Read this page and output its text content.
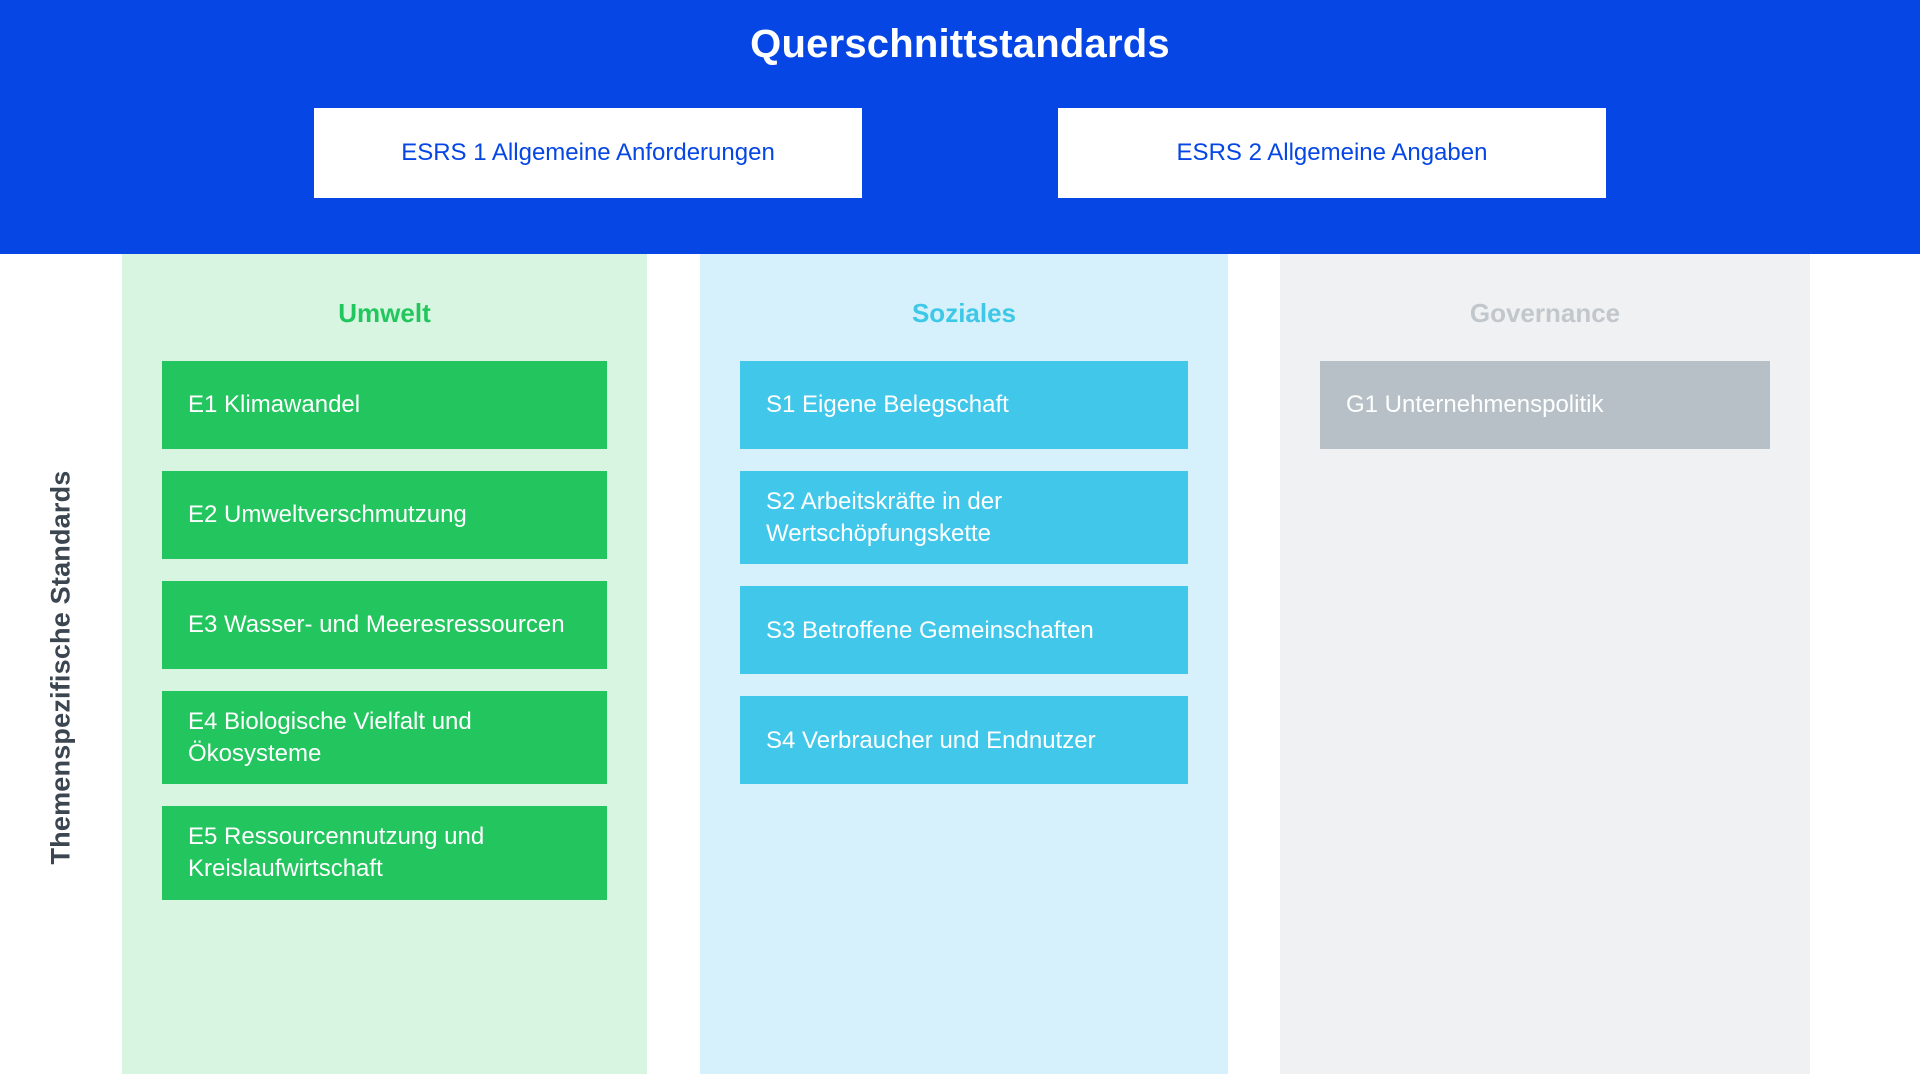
Querschnittstandards
ESRS 1 Allgemeine Anforderungen	ESRS 2 Allgemeine Angaben
Themenspezifische Standards
Umwelt
E1 Klimawandel
E2 Umweltverschmutzung
E3 Wasser- und Meeresressourcen
E4 Biologische Vielfalt und Ökosysteme
E5 Ressourcennutzung und Kreislaufwirtschaft
Soziales
S1 Eigene Belegschaft
S2 Arbeitskräfte in der Wertschöpfungskette
S3 Betroffene Gemeinschaften
S4 Verbraucher und Endnutzer
Governance
G1 Unternehmenspolitik
